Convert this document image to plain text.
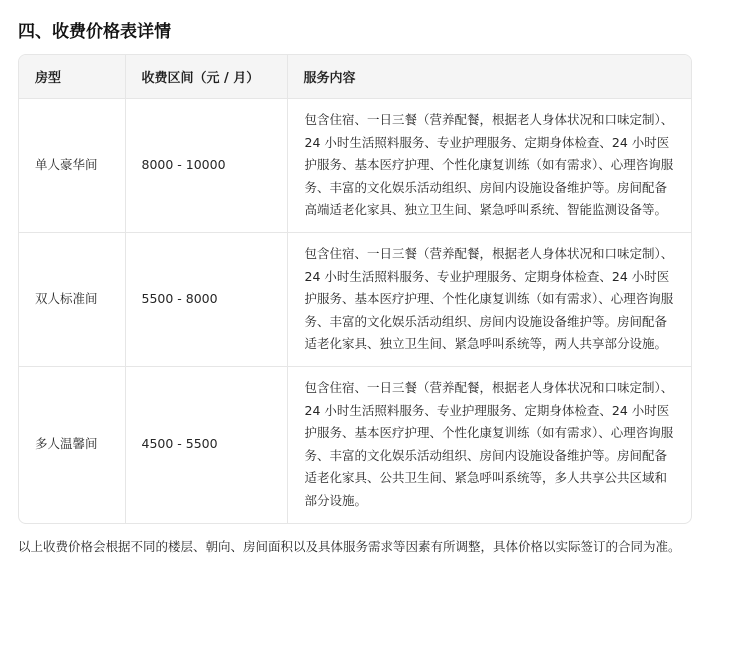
四、收费价格表详情
房型	收费区间（元 / 月）	服务内容
单人豪华间	8000 - 10000	包含住宿、一日三餐（营养配餐，根据老人身体状况和口味定制）、24 小时生活照料服务、专业护理服务、定期身体检查、24 小时医护服务、基本医疗护理、个性化康复训练（如有需求）、心理咨询服务、丰富的文化娱乐活动组织、房间内设施设备维护等。房间配备高端适老化家具、独立卫生间、紧急呼叫系统、智能监测设备等。
双人标准间	5500 - 8000	包含住宿、一日三餐（营养配餐，根据老人身体状况和口味定制）、24 小时生活照料服务、专业护理服务、定期身体检查、24 小时医护服务、基本医疗护理、个性化康复训练（如有需求）、心理咨询服务、丰富的文化娱乐活动组织、房间内设施设备维护等。房间配备适老化家具、独立卫生间、紧急呼叫系统等，两人共享部分设施。
多人温馨间	4500 - 5500	包含住宿、一日三餐（营养配餐，根据老人身体状况和口味定制）、24 小时生活照料服务、专业护理服务、定期身体检查、24 小时医护服务、基本医疗护理、个性化康复训练（如有需求）、心理咨询服务、丰富的文化娱乐活动组织、房间内设施设备维护等。房间配备适老化家具、公共卫生间、紧急呼叫系统等，多人共享公共区域和部分设施。

以上收费价格会根据不同的楼层、朝向、房间面积以及具体服务需求等因素有所调整，具体价格以实际签订的合同为准。
